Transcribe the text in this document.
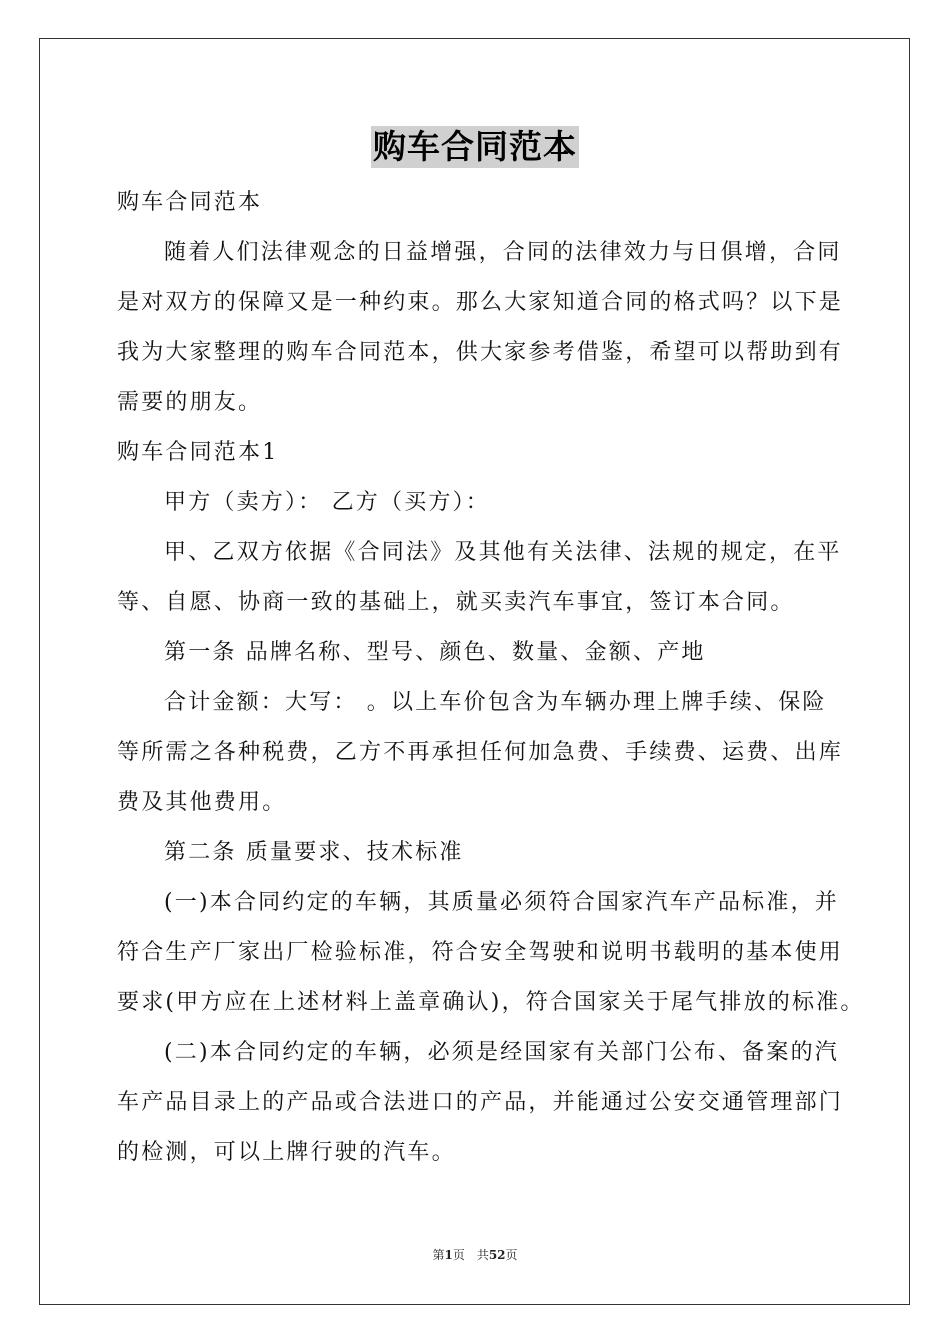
购车合同范本
购车合同范本
随着人们法律观念的日益增强，合同的法律效力与日俱增，合同
是对双方的保障又是一种约束。那么大家知道合同的格式吗？以下是
我为大家整理的购车合同范本，供大家参考借鉴，希望可以帮助到有
需要的朋友。
购车合同范本1
甲方（卖方）： 乙方（买方）：
甲、乙双方依据《合同法》及其他有关法律、法规的规定，在平
等、自愿、协商一致的基础上，就买卖汽车事宜，签订本合同。
第一条 品牌名称、型号、颜色、数量、金额、产地
合计金额：大写： 。以上车价包含为车辆办理上牌手续、保险
等所需之各种税费，乙方不再承担任何加急费、手续费、运费、出库
费及其他费用。
第二条 质量要求、技术标准
(一)本合同约定的车辆，其质量必须符合国家汽车产品标准，并
符合生产厂家出厂检验标准，符合安全驾驶和说明书载明的基本使用
要求(甲方应在上述材料上盖章确认)，符合国家关于尾气排放的标准。
(二)本合同约定的车辆，必须是经国家有关部门公布、备案的汽
车产品目录上的产品或合法进口的产品，并能通过公安交通管理部门
的检测，可以上牌行驶的汽车。
第1页　共52页
